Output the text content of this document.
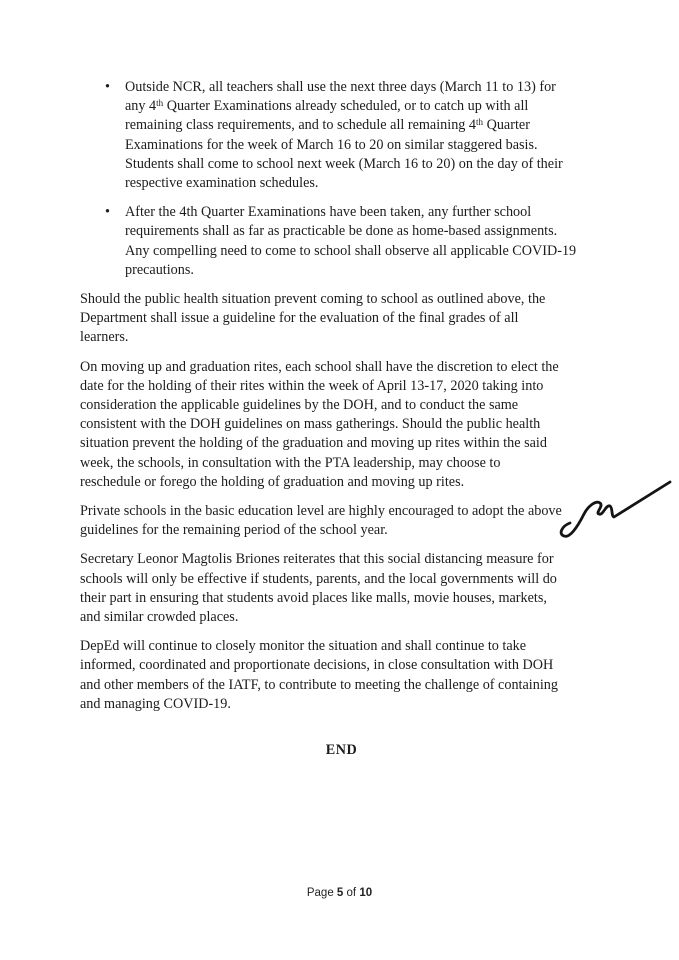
•	Outside NCR, all teachers shall use the next three days (March 11 to 13) for
any 4th Quarter Examinations already scheduled, or to catch up with all
remaining class requirements, and to schedule all remaining 4th Quarter
Examinations for the week of March 16 to 20 on similar staggered basis.
Students shall come to school next week (March 16 to 20) on the day of their
respective examination schedules.
•	After the 4th Quarter Examinations have been taken, any further school
requirements shall as far as practicable be done as home-based assignments.
Any compelling need to come to school shall observe all applicable COVID-19
precautions.
Should the public health situation prevent coming to school as outlined above, the
Department shall issue a guideline for the evaluation of the final grades of all
learners.
On moving up and graduation rites, each school shall have the discretion to elect the
date for the holding of their rites within the week of April 13-17, 2020 taking into
consideration the applicable guidelines by the DOH, and to conduct the same
consistent with the DOH guidelines on mass gatherings. Should the public health
situation prevent the holding of the graduation and moving up rites within the said
week, the schools, in consultation with the PTA leadership, may choose to
reschedule or forego the holding of graduation and moving up rites.
Private schools in the basic education level are highly encouraged to adopt the above
guidelines for the remaining period of the school year.
Secretary Leonor Magtolis Briones reiterates that this social distancing measure for
schools will only be effective if students, parents, and the local governments will do
their part in ensuring that students avoid places like malls, movie houses, markets,
and similar crowded places.
DepEd will continue to closely monitor the situation and shall continue to take
informed, coordinated and proportionate decisions, in close consultation with DOH
and other members of the IATF, to contribute to meeting the challenge of containing
and managing COVID-19.
END
Page 5 of 10
